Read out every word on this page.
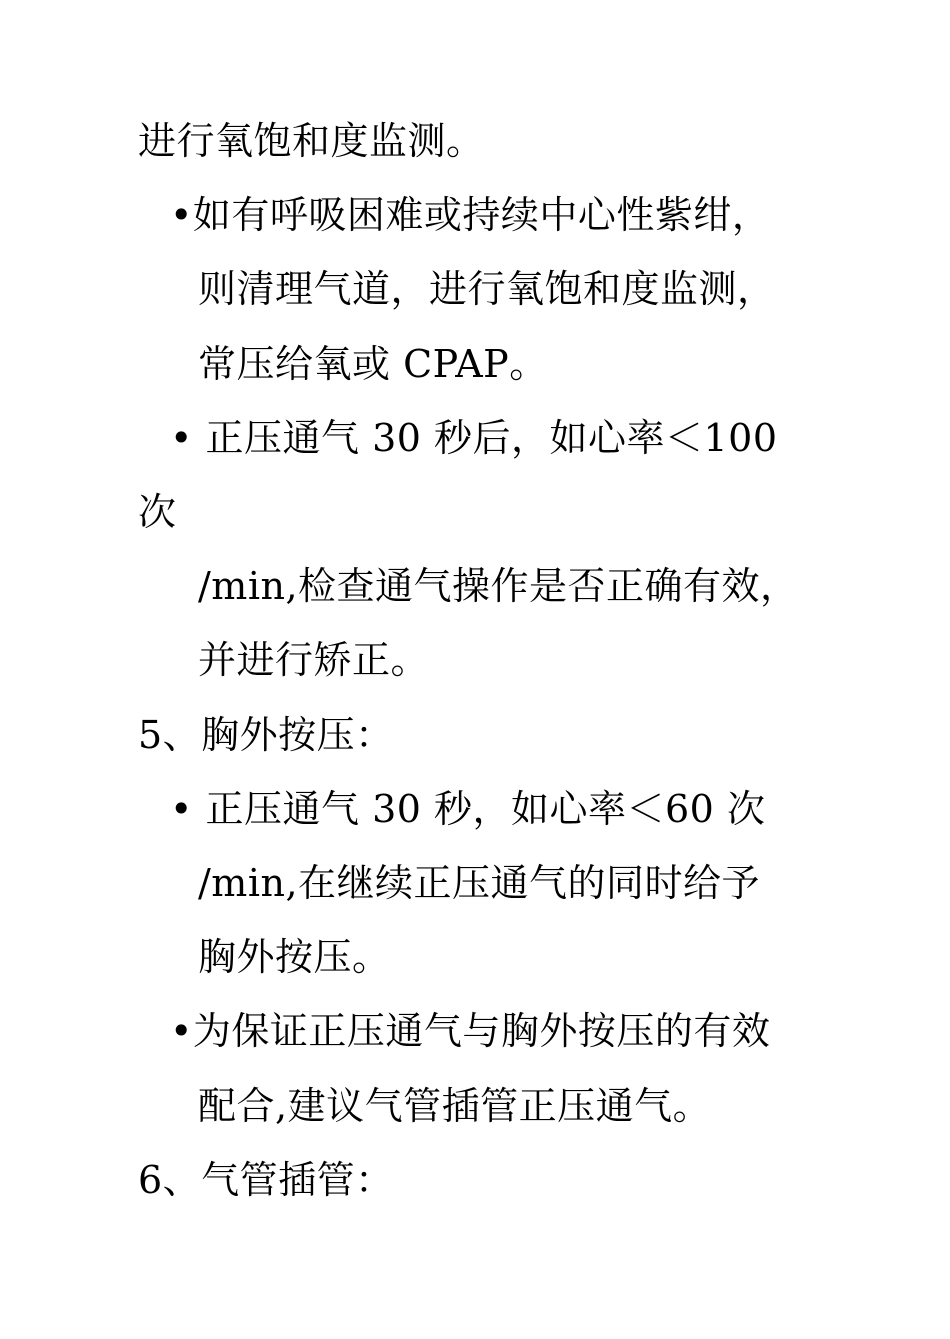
进行氧饱和度监测。
•如有呼吸困难或持续中心性紫绀，
则清理气道，进行氧饱和度监测，
常压给氧或 CPAP。
• 正压通气 30 秒后，如心率＜100
次
/min,检查通气操作是否正确有效，
并进行矫正。
5、胸外按压：
• 正压通气 30 秒，如心率＜60 次
/min,在继续正压通气的同时给予
胸外按压。
•为保证正压通气与胸外按压的有效
配合,建议气管插管正压通气。
6、气管插管：
